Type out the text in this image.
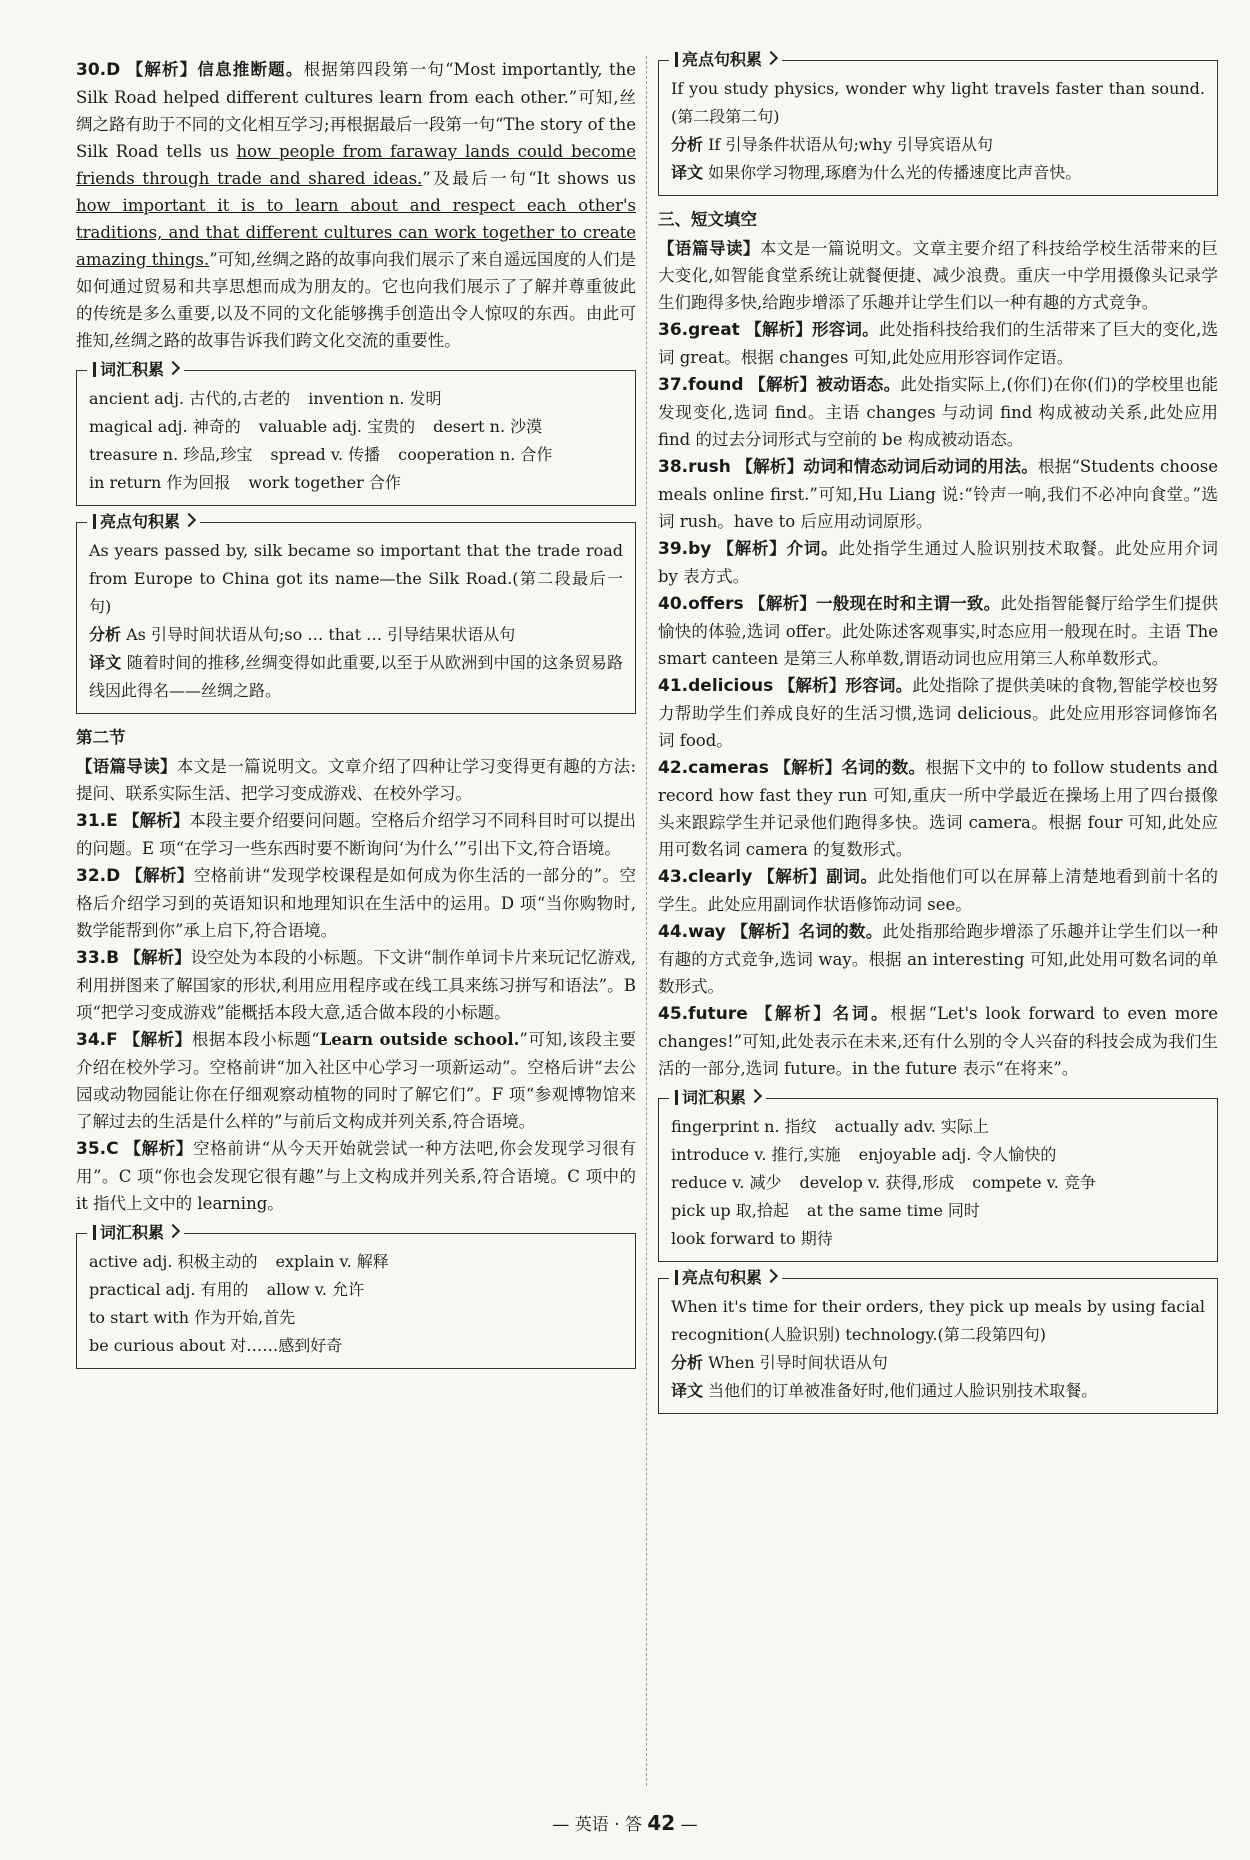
30.D 【解析】信息推断题。根据第四段第一句“Most importantly, the Silk Road helped different cultures learn from each other.”可知,丝绸之路有助于不同的文化相互学习;再根据最后一段第一句“The story of the Silk Road tells us how people from faraway lands could become friends through trade and shared ideas.”及最后一句“It shows us how important it is to learn about and respect each other's traditions, and that different cultures can work together to create amazing things.”可知,丝绸之路的故事向我们展示了来自遥远国度的人们是如何通过贸易和共享思想而成为朋友的。它也向我们展示了了解并尊重彼此的传统是多么重要,以及不同的文化能够携手创造出令人惊叹的东西。由此可推知,丝绸之路的故事告诉我们跨文化交流的重要性。

词汇积累

ancient adj. 古代的,古老的 invention n. 发明

magical adj. 神奇的 valuable adj. 宝贵的 desert n. 沙漠

treasure n. 珍品,珍宝 spread v. 传播 cooperation n. 合作

in return 作为回报 work together 合作

亮点句积累

As years passed by, silk became so important that the trade road from Europe to China got its name—the Silk Road.(第二段最后一句)

分析 As 引导时间状语从句;so … that … 引导结果状语从句

译文 随着时间的推移,丝绸变得如此重要,以至于从欧洲到中国的这条贸易路线因此得名——丝绸之路。

第二节

【语篇导读】本文是一篇说明文。文章介绍了四种让学习变得更有趣的方法:提问、联系实际生活、把学习变成游戏、在校外学习。

31.E 【解析】本段主要介绍要问问题。空格后介绍学习不同科目时可以提出的问题。E 项“在学习一些东西时要不断询问‘为什么’”引出下文,符合语境。

32.D 【解析】空格前讲“发现学校课程是如何成为你生活的一部分的”。空格后介绍学习到的英语知识和地理知识在生活中的运用。D 项“当你购物时,数学能帮到你”承上启下,符合语境。

33.B 【解析】设空处为本段的小标题。下文讲“制作单词卡片来玩记忆游戏,利用拼图来了解国家的形状,利用应用程序或在线工具来练习拼写和语法”。B 项“把学习变成游戏”能概括本段大意,适合做本段的小标题。

34.F 【解析】根据本段小标题“Learn outside school.”可知,该段主要介绍在校外学习。空格前讲“加入社区中心学习一项新运动”。空格后讲“去公园或动物园能让你在仔细观察动植物的同时了解它们”。F 项“参观博物馆来了解过去的生活是什么样的”与前后文构成并列关系,符合语境。

35.C 【解析】空格前讲“从今天开始就尝试一种方法吧,你会发现学习很有用”。C 项“你也会发现它很有趣”与上文构成并列关系,符合语境。C 项中的 it 指代上文中的 learning。

词汇积累

active adj. 积极主动的 explain v. 解释

practical adj. 有用的 allow v. 允许

to start with 作为开始,首先

be curious about 对……感到好奇

亮点句积累

If you study physics, wonder why light travels faster than sound.(第二段第二句)

分析 If 引导条件状语从句;why 引导宾语从句

译文 如果你学习物理,琢磨为什么光的传播速度比声音快。

三、短文填空

【语篇导读】本文是一篇说明文。文章主要介绍了科技给学校生活带来的巨大变化,如智能食堂系统让就餐便捷、减少浪费。重庆一中学用摄像头记录学生们跑得多快,给跑步增添了乐趣并让学生们以一种有趣的方式竞争。

36.great 【解析】形容词。此处指科技给我们的生活带来了巨大的变化,选词 great。根据 changes 可知,此处应用形容词作定语。

37.found 【解析】被动语态。此处指实际上,(你们)在你(们)的学校里也能发现变化,选词 find。主语 changes 与动词 find 构成被动关系,此处应用 find 的过去分词形式与空前的 be 构成被动语态。

38.rush 【解析】动词和情态动词后动词的用法。根据“Students choose meals online first.”可知,Hu Liang 说:“铃声一响,我们不必冲向食堂。”选词 rush。have to 后应用动词原形。

39.by 【解析】介词。此处指学生通过人脸识别技术取餐。此处应用介词 by 表方式。

40.offers 【解析】一般现在时和主谓一致。此处指智能餐厅给学生们提供愉快的体验,选词 offer。此处陈述客观事实,时态应用一般现在时。主语 The smart canteen 是第三人称单数,谓语动词也应用第三人称单数形式。

41.delicious 【解析】形容词。此处指除了提供美味的食物,智能学校也努力帮助学生们养成良好的生活习惯,选词 delicious。此处应用形容词修饰名词 food。

42.cameras 【解析】名词的数。根据下文中的 to follow students and record how fast they run 可知,重庆一所中学最近在操场上用了四台摄像头来跟踪学生并记录他们跑得多快。选词 camera。根据 four 可知,此处应用可数名词 camera 的复数形式。

43.clearly 【解析】副词。此处指他们可以在屏幕上清楚地看到前十名的学生。此处应用副词作状语修饰动词 see。

44.way 【解析】名词的数。此处指那给跑步增添了乐趣并让学生们以一种有趣的方式竞争,选词 way。根据 an interesting 可知,此处用可数名词的单数形式。

45.future 【解析】名词。根据“Let's look forward to even more changes!”可知,此处表示在未来,还有什么别的令人兴奋的科技会成为我们生活的一部分,选词 future。in the future 表示“在将来”。

词汇积累

fingerprint n. 指纹 actually adv. 实际上

introduce v. 推行,实施 enjoyable adj. 令人愉快的

reduce v. 减少 develop v. 获得,形成 compete v. 竞争

pick up 取,拾起 at the same time 同时

look forward to 期待

亮点句积累

When it's time for their orders, they pick up meals by using facial recognition(人脸识别) technology.(第二段第四句)

分析 When 引导时间状语从句

译文 当他们的订单被准备好时,他们通过人脸识别技术取餐。

— 英语 · 答 42 —
